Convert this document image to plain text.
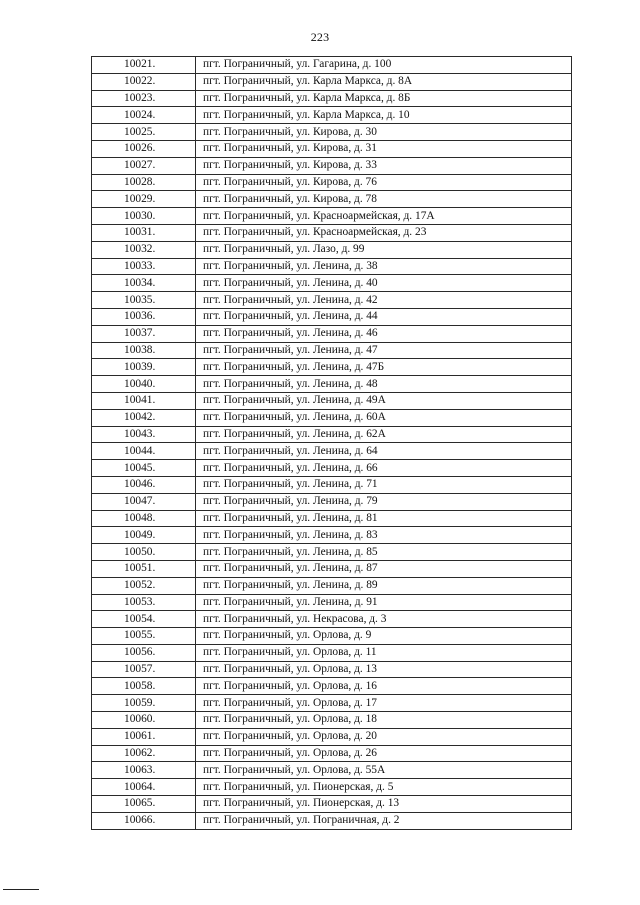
223
10021.	пгт. Пограничный, ул. Гагарина, д. 100
10022.	пгт. Пограничный, ул. Карла Маркса, д. 8А
10023.	пгт. Пограничный, ул. Карла Маркса, д. 8Б
10024.	пгт. Пограничный, ул. Карла Маркса, д. 10
10025.	пгт. Пограничный, ул. Кирова, д. 30
10026.	пгт. Пограничный, ул. Кирова, д. 31
10027.	пгт. Пограничный, ул. Кирова, д. 33
10028.	пгт. Пограничный, ул. Кирова, д. 76
10029.	пгт. Пограничный, ул. Кирова, д. 78
10030.	пгт. Пограничный, ул. Красноармейская, д. 17А
10031.	пгт. Пограничный, ул. Красноармейская, д. 23
10032.	пгт. Пограничный, ул. Лазо, д. 99
10033.	пгт. Пограничный, ул. Ленина, д. 38
10034.	пгт. Пограничный, ул. Ленина, д. 40
10035.	пгт. Пограничный, ул. Ленина, д. 42
10036.	пгт. Пограничный, ул. Ленина, д. 44
10037.	пгт. Пограничный, ул. Ленина, д. 46
10038.	пгт. Пограничный, ул. Ленина, д. 47
10039.	пгт. Пограничный, ул. Ленина, д. 47Б
10040.	пгт. Пограничный, ул. Ленина, д. 48
10041.	пгт. Пограничный, ул. Ленина, д. 49А
10042.	пгт. Пограничный, ул. Ленина, д. 60А
10043.	пгт. Пограничный, ул. Ленина, д. 62А
10044.	пгт. Пограничный, ул. Ленина, д. 64
10045.	пгт. Пограничный, ул. Ленина, д. 66
10046.	пгт. Пограничный, ул. Ленина, д. 71
10047.	пгт. Пограничный, ул. Ленина, д. 79
10048.	пгт. Пограничный, ул. Ленина, д. 81
10049.	пгт. Пограничный, ул. Ленина, д. 83
10050.	пгт. Пограничный, ул. Ленина, д. 85
10051.	пгт. Пограничный, ул. Ленина, д. 87
10052.	пгт. Пограничный, ул. Ленина, д. 89
10053.	пгт. Пограничный, ул. Ленина, д. 91
10054.	пгт. Пограничный, ул. Некрасова, д. 3
10055.	пгт. Пограничный, ул. Орлова, д. 9
10056.	пгт. Пограничный, ул. Орлова, д. 11
10057.	пгт. Пограничный, ул. Орлова, д. 13
10058.	пгт. Пограничный, ул. Орлова, д. 16
10059.	пгт. Пограничный, ул. Орлова, д. 17
10060.	пгт. Пограничный, ул. Орлова, д. 18
10061.	пгт. Пограничный, ул. Орлова, д. 20
10062.	пгт. Пограничный, ул. Орлова, д. 26
10063.	пгт. Пограничный, ул. Орлова, д. 55А
10064.	пгт. Пограничный, ул. Пионерская, д. 5
10065.	пгт. Пограничный, ул. Пионерская, д. 13
10066.	пгт. Пограничный, ул. Пограничная, д. 2
